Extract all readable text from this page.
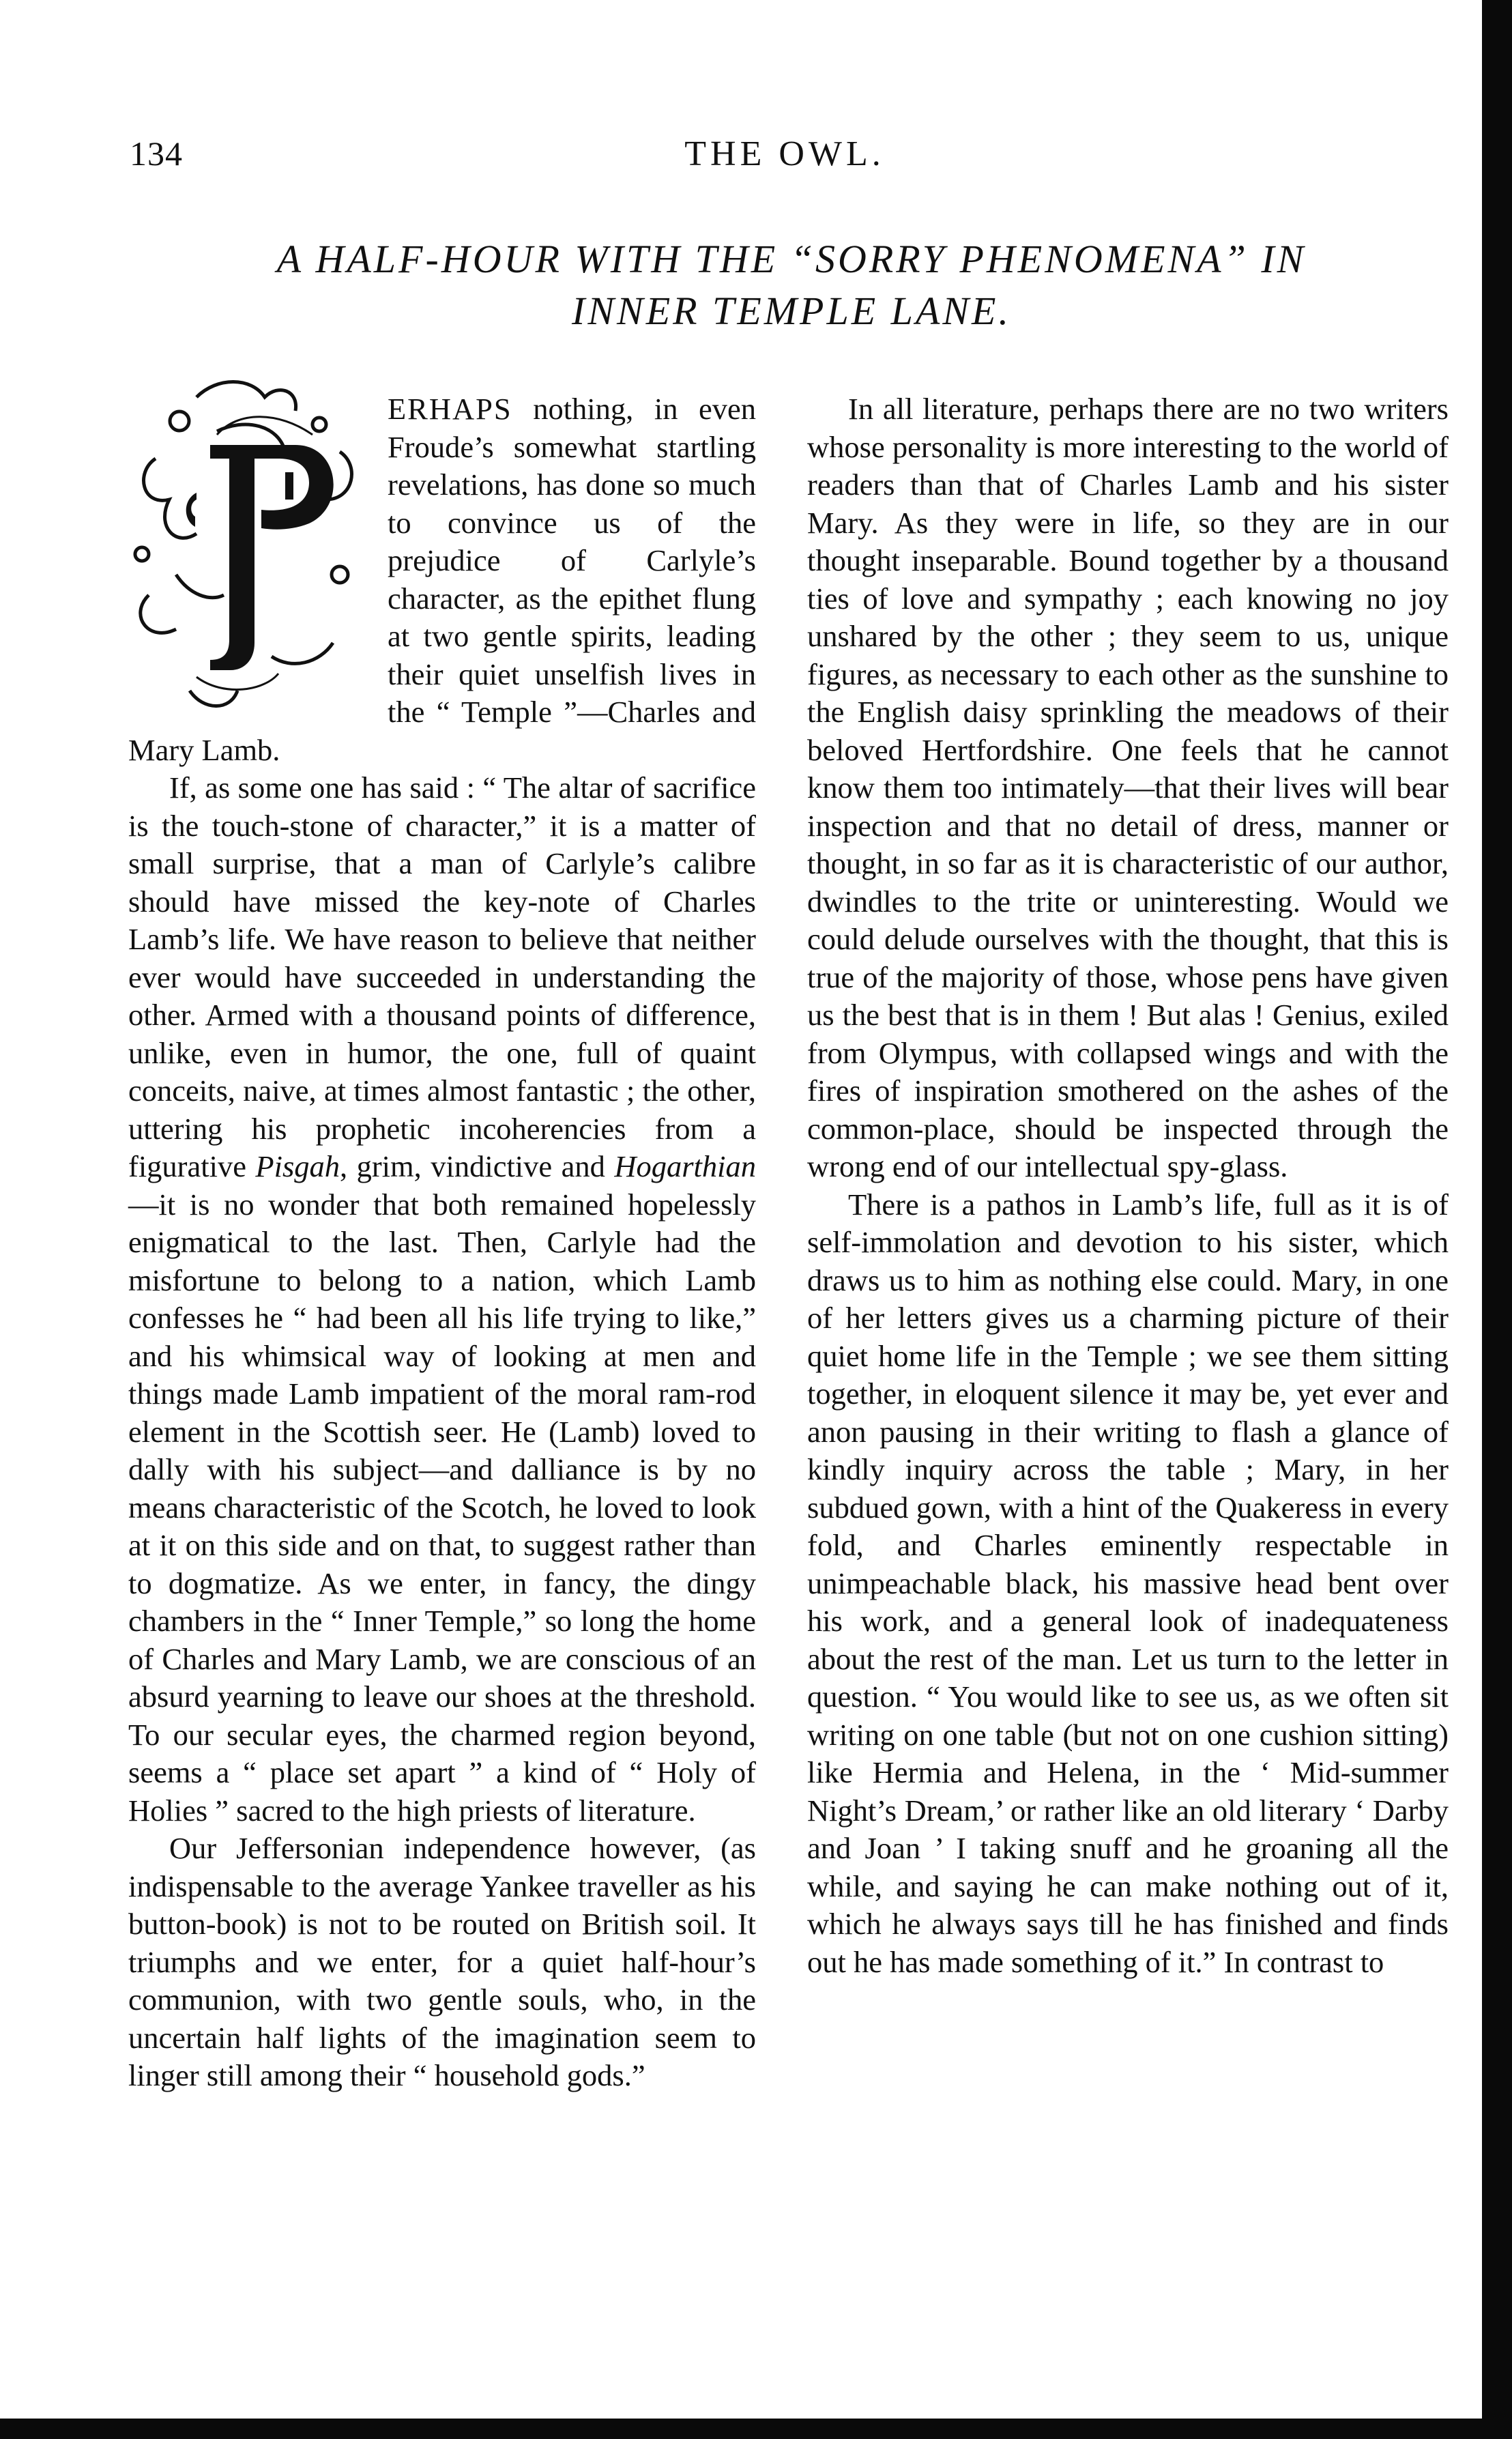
134	THE OWL.
A HALF-HOUR WITH THE “SORRY PHENOMENA” IN
INNER TEMPLE LANE.

ERHAPS nothing, in even Froude’s somewhat startling revelations, has done so much to convince us of the prejudice of Carlyle’s character, as the epithet flung at two gentle spirits, leading their quiet unselfish lives in the “ Temple ”—Charles and Mary Lamb.

If, as some one has said : “ The altar of sacrifice is the touch-stone of character,” it is a matter of small surprise, that a man of Carlyle’s calibre should have missed the key-note of Charles Lamb’s life. We have reason to believe that neither ever would have succeeded in understanding the other. Armed with a thousand points of difference, unlike, even in humor, the one, full of quaint conceits, naive, at times almost fantastic ; the other, uttering his prophetic incoherencies from a figurative Pisgah, grim, vindictive and Hogarthian—it is no wonder that both remained hopelessly enigmatical to the last. Then, Carlyle had the misfortune to belong to a nation, which Lamb confesses he “ had been all his life trying to like,” and his whimsical way of looking at men and things made Lamb impatient of the moral ram-rod element in the Scottish seer. He (Lamb) loved to dally with his subject—and dalliance is by no means characteristic of the Scotch, he loved to look at it on this side and on that, to suggest rather than to dogmatize. As we enter, in fancy, the dingy chambers in the “ Inner Temple,” so long the home of Charles and Mary Lamb, we are conscious of an absurd yearning to leave our shoes at the threshold. To our secular eyes, the charmed region beyond, seems a “ place set apart ” a kind of “ Holy of Holies ” sacred to the high priests of literature.

Our Jeffersonian independence however, (as indispensable to the average Yankee traveller as his button-book) is not to be routed on British soil. It triumphs and we enter, for a quiet half-hour’s communion, with two gentle souls, who, in the uncertain half lights of the imagination seem to linger still among their “ household gods.”

In all literature, perhaps there are no two writers whose personality is more interesting to the world of readers than that of Charles Lamb and his sister Mary. As they were in life, so they are in our thought inseparable. Bound together by a thousand ties of love and sympathy ; each knowing no joy unshared by the other ; they seem to us, unique figures, as necessary to each other as the sunshine to the English daisy sprinkling the meadows of their beloved Hertfordshire. One feels that he cannot know them too intimately—that their lives will bear inspection and that no detail of dress, manner or thought, in so far as it is characteristic of our author, dwindles to the trite or uninteresting. Would we could delude ourselves with the thought, that this is true of the majority of those, whose pens have given us the best that is in them ! But alas ! Genius, exiled from Olympus, with collapsed wings and with the fires of inspiration smothered on the ashes of the common-place, should be inspected through the wrong end of our intellectual spy-glass.

There is a pathos in Lamb’s life, full as it is of self-immolation and devotion to his sister, which draws us to him as nothing else could. Mary, in one of her letters gives us a charming picture of their quiet home life in the Temple ; we see them sitting together, in eloquent silence it may be, yet ever and anon pausing in their writing to flash a glance of kindly inquiry across the table ; Mary, in her subdued gown, with a hint of the Quakeress in every fold, and Charles eminently respectable in unimpeachable black, his massive head bent over his work, and a general look of inadequateness about the rest of the man. Let us turn to the letter in question. “ You would like to see us, as we often sit writing on one table (but not on one cushion sitting) like Hermia and Helena, in the ‘ Mid-summer Night’s Dream,’ or rather like an old literary ‘ Darby and Joan ’ I taking snuff and he groaning all the while, and saying he can make nothing out of it, which he always says till he has finished and finds out he has made something of it.” In contrast to
